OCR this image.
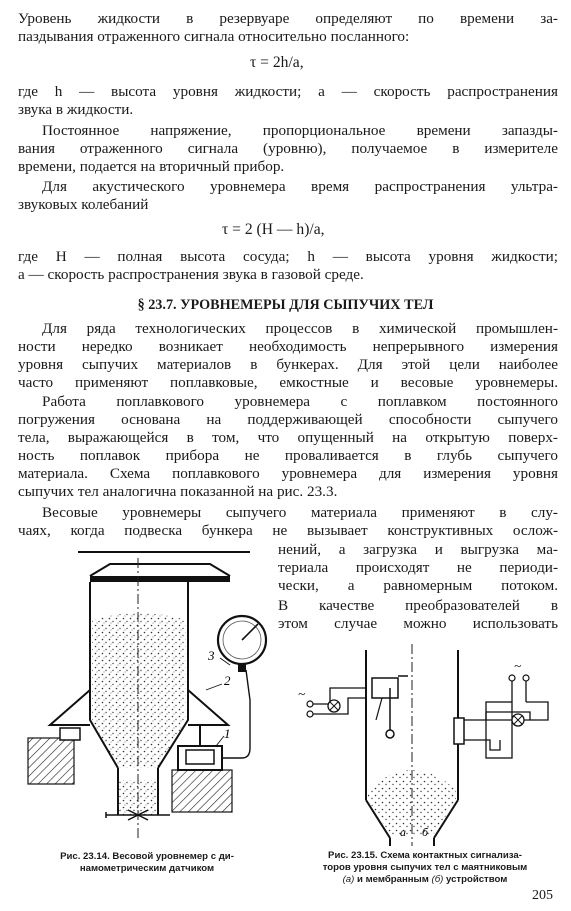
Уровень жидкости в резервуаре определяют по времени за-
паздывания отраженного сигнала относительно посланного:
τ = 2h/a,
где h — высота уровня жидкости; a — скорость распространения
звука в жидкости.
Постоянное напряжение, пропорциональное времени запазды-
вания отраженного сигнала (уровню), получаемое в измерителе
времени, подается на вторичный прибор.
Для акустического уровнемера время распространения ультра-
звуковых колебаний
τ = 2 (H — h)/a,
где H — полная высота сосуда; h — высота уровня жидкости;
a — скорость распространения звука в газовой среде.
§ 23.7. УРОВНЕМЕРЫ ДЛЯ СЫПУЧИХ ТЕЛ
Для ряда технологических процессов в химической промышлен-
ности нередко возникает необходимость непрерывного измерения
уровня сыпучих материалов в бункерах. Для этой цели наиболее
часто применяют поплавковые, емкостные и весовые уровнемеры.
Работа поплавкового уровнемера с поплавком постоянного
погружения основана на поддерживающей способности сыпучего
тела, выражающейся в том, что опущенный на открытую поверх-
ность поплавок прибора не проваливается в глубь сыпучего
материала. Схема поплавкового уровнемера для измерения уровня
сыпучих тел аналогична показанной на рис. 23.3.
Весовые уровнемеры сыпучего материала применяют в слу-
чаях, когда подвеска бункера не вызывает конструктивных ослож-
нений, а загрузка и выгрузка ма-
териала происходят не периоди-
чески, а равномерным потоком.
В качестве преобразователей в
этом случае можно использовать
2
3
1
~
~
а б
Рис. 23.14. Весовой уровнемер с ди-
намометрическим датчиком
Рис. 23.15. Схема контактных сигнализа-
торов уровня сыпучих тел с маятниковым
(а) и мембранным (б) устройством
205
